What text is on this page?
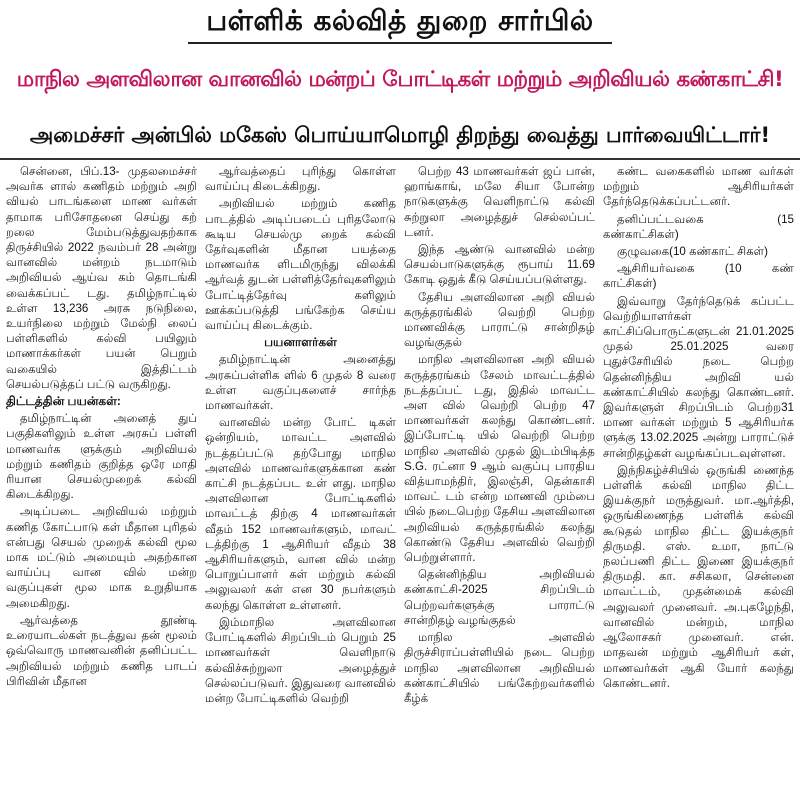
பள்ளிக் கல்வித் துறை சார்பில்
மாநில அளவிலான வானவில் மன்றப் போட்டிகள் மற்றும் அறிவியல் கண்காட்சி!
அமைச்சர் அன்பில் மகேஸ் பொய்யாமொழி திறந்து வைத்து பார்வையிட்டார்!

சென்னை, பிப்.13- முதலமைச்சர் அவர்க ளால் கணிதம் மற்றும் அறி வியல் பாடங்களை மாண வர்கள் தாமாக பரிசோதனை செய்து கற் றலை மேம்படுத்துவதற்காக திருச்சியில் 2022 நவம்பர் 28 அன்று வானவில் மன்றம் நடமாடும் அறிவியல் ஆய்வ கம் தொடங்கி வைக்கப்பட் டது. தமிழ்நாட்டில் உள்ள 13,236 அரசு நடுநிலை, உயர்நிலை மற்றும் மேல்நி லைப் பள்ளிகளில் கல்வி பயிலும் மாணாக்கர்கள் பயன் பெறும் வகையில் இத்திட்டம் செயல்படுத்தப் பட்டு வருகிறது.

திட்டத்தின் பயன்கள்:

தமிழ்நாட்டின் அனைத் துப் பகுதிகளிலும் உள்ள அரசுப் பள்ளி மாணவர்க ளுக்கும் அறிவியல் மற்றும் கணிதம் குறித்த ஒரே மாதி ரியான செயல்முறைக் கல்வி கிடைக்கிறது.

அடிப்படை அறிவியல் மற்றும் கணித கோட்பாடு கள் மீதான புரிதல் என்பது செயல் முறைக் கல்வி மூல மாக மட்டும் அமையும் அதற்கான வாய்ப்பு வான வில் மன்ற வகுப்புகள் மூல மாக உறுதியாக அமைகிறது.

ஆர்வத்தை தூண்டி உரையாடல்கள் நடத்துவ தன் மூலம் ஒவ்வொரு மாணவனின் தனிப்பட்ட அறிவியல் மற்றும் கணித பாடப் பிரிவின் மீதான

ஆர்வத்தைப் புரிந்து கொள்ள வாய்ப்பு கிடைக்கிறது.

அறிவியல் மற்றும் கணித பாடத்தில் அடிப்படைப் புரிதலோடு கூடிய செயல்மு றைக் கல்வி தேர்வுகளின் மீதான பயத்தை மாணவர்க ளிடமிருந்து விலக்கி ஆர்வத் துடன் பள்ளித்தேர்வுகளிலும் போட்டித்தேர்வு களிலும் ஊக்கப்படுத்தி பங்கேற்க செய்ய வாய்ப்பு கிடைக்கும்.

பயனாளர்கள்

தமிழ்நாட்டின் அனைத்து அரசுப்பள்ளிக ளில் 6 முதல் 8 வரை உள்ள வகுப்புகளைச் சார்ந்த மாணவர்கள்.

வானவில் மன்ற போட் டிகள் ஒன்றியம், மாவட்ட அளவில் நடத்தப்பட்டு தற்போது மாநில அளவில் மாணவர்களுக்கான கண் காட்சி நடத்தப்பட உள் ளது. மாநில அளவிலான போட்டிகளில் மாவட்டத் திற்கு 4 மாணவர்கள் வீதம் 152 மாணவர்களும், மாவட் டத்திற்கு 1 ஆசிரியர் வீதம் 38 ஆசிரியர்களும், வான வில் மன்ற பொறுப்பாளர் கள் மற்றும் கல்வி அலுவலர் கள் என 30 நபர்களும் கலந்து கொள்ள உள்ளனர்.

இம்மாநில அளவிலான போட்டிகளில் சிறப்பிடம் பெறும் 25 மாணவர்கள் வெளிநாடு கல்விச்சுற்றுலா அழைத்துச் செல்லப்படுவர். இதுவரை வானவில் மன்ற போட்டிகளில் வெற்றி

பெற்ற 43 மாணவர்கள் ஜப் பான், ஹாங்காங், மலே சியா போன்ற நாடுகளுக்கு வெளிநாட்டு கல்வி சுற்றுலா அழைத்துச் செல்லப்பட் டனர்.

இந்த ஆண்டு வானவில் மன்ற செயல்பாடுகளுக்கு ரூபாய் 11.69 கோடி ஒதுக் கீடு செய்யப்படுள்ளது.

தேசிய அளவிலான அறி வியல் கருத்தரங்கில் வெற்றி பெற்ற மாணவிக்கு பாராட்டு சான்றிதழ் வழங்குதல்

மாநில அளவிலான அறி வியல் கருத்தரங்கம் சேலம் மாவட்டத்தில் நடத்தப்பட் டது, இதில் மாவட்ட அள வில் வெற்றி பெற்ற 47 மாணவர்கள் கலந்து கொண்டனர். இப்போட்டி யில் வெற்றி பெற்ற மாநில அளவில் முதல் இடம்பிடித்த S.G. ரட்னா 9 ஆம் வகுப்பு பாரதிய வித்யாமந்திர், இலஞ்சி, தென்காசி மாவட் டம் என்ற மாணவி மும்பை யில் நடைபெற்ற தேசிய அளவிலான அறிவியல் கருத்தரங்கில் கலந்து கொண்டு தேசிய அளவில் வெற்றி பெற்றுள்ளார்.

தென்னிந்திய அறிவியல் கண்காட்சி-2025 சிறப்பிடம் பெற்றவர்களுக்கு பாராட்டு சான்றிதழ் வழங்குதல்

மாநில அளவில் திருச்சிராப்பள்ளியில் நடை பெற்ற மாநில அளவிலான அறிவியல் கண்காட்சியில் பங்கேற்றவர்களில் கீழ்க்

கண்ட வகைகளில் மாண வர்கள் மற்றும் ஆசிரியர்கள் தேர்ந்தெடுக்கப்பட்டனர்.

தனிப்பட்டவகை (15 கண்காட்சிகள்)

குழுவகை(10 கண்காட் சிகள்)

ஆசிரியர்வகை (10 கண் காட்சிகள்)

இவ்வாறு தேர்ந்தெடுக் கப்பட்ட வெற்றியாளர்கள் காட்சிப்பொருட்களுடன் 21.01.2025 முதல் 25.01.2025 வரை புதுச்சேரியில் நடை பெற்ற தென்னிந்திய அறிவி யல் கண்காட்சியில் கலந்து கொண்டனர். இவர்களுள் சிறப்பிடம் பெற்ற31 மாண வர்கள் மற்றும் 5 ஆசிரியர்க ளுக்கு 13.02.2025 அன்று பாராட்டுச் சான்றிதழ்கள் வழங்கப்படவுள்ளன.

இந்நிகழ்ச்சியில் ஒருங்கி ணைந்த பள்ளிக் கல்வி மாநில திட்ட இயக்குநர் மருத்துவர். மா.ஆர்த்தி, ஒருங்கிணைந்த பள்ளிக் கல்வி கூடுதல் மாநில திட்ட இயக்குநர் திருமதி. எஸ். உமா, நாட்டு நலப்பணி திட்ட இணை இயக்குநர் திருமதி. கா. சசிகலா, சென்னை மாவட்டம், முதன்மைக் கல்வி அலுவலர் முனைவர். அ.புகழேந்தி, வானவில் மன்றம், மாநில ஆலோசகர் முனைவர். என். மாதவன் மற்றும் ஆசிரியர் கள், மாணவர்கள் ஆகி யோர் கலந்து கொண்டனர்.
